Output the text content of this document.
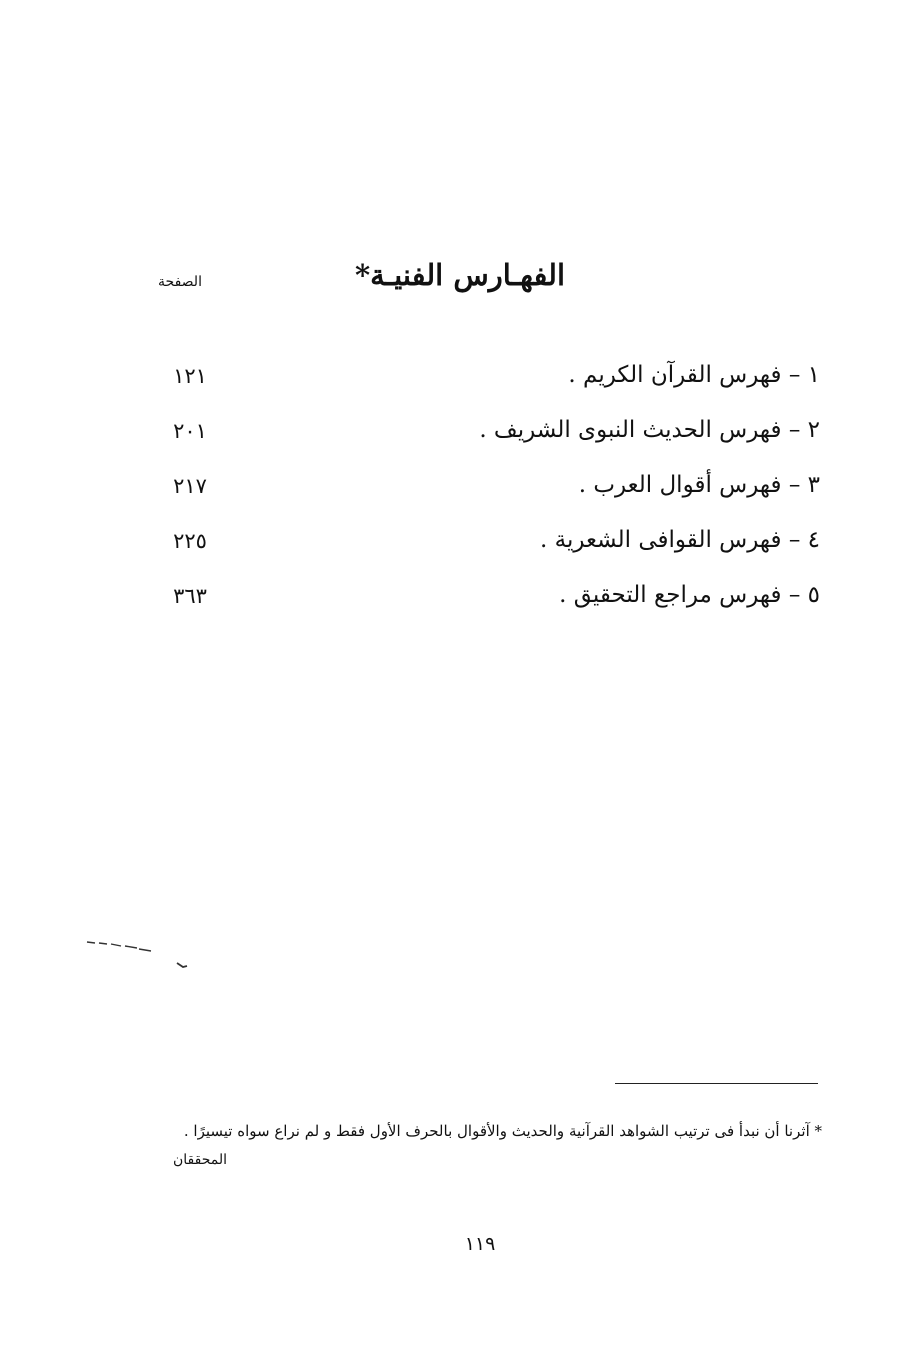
الفهـارس الفنيـة*
الصفحة
١ – فهرس القرآن الكريم .
١٢١
٢ – فهرس الحديث النبوى الشريف .
٢٠١
٣ – فهرس أقوال العرب .
٢١٧
٤ – فهرس القوافى الشعرية .
٢٢٥
٥ – فهرس مراجع التحقيق .
٣٦٣
* آثرنا أن نبدأ فى ترتيب الشواهد القرآنية والحديث والأقوال بالحرف الأول فقط و لم نراع سواه تيسيرًا .
المحققان
١١٩
